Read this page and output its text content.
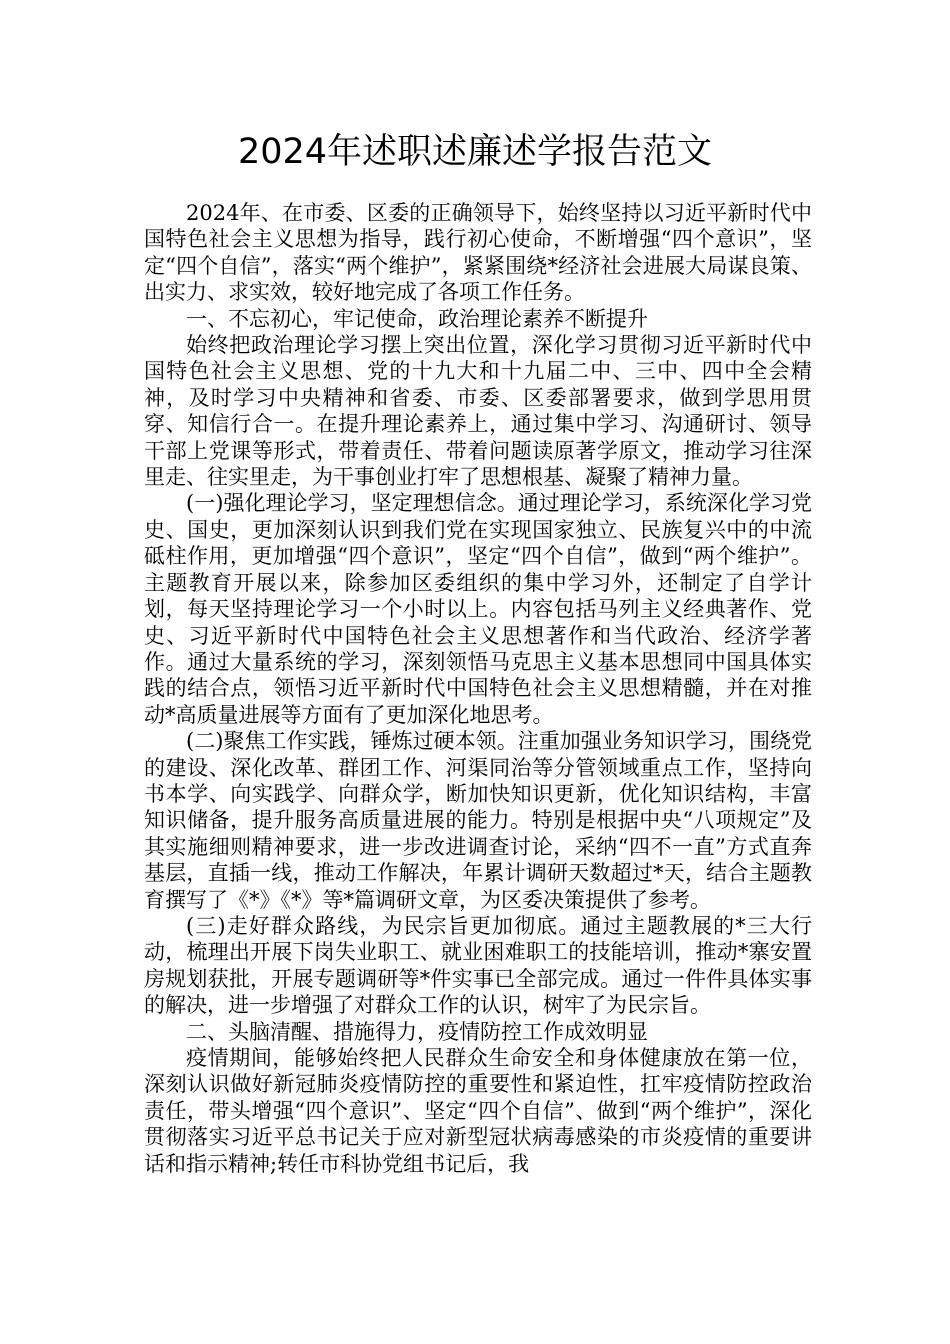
2024年述职述廉述学报告范文

2024年、在市委、区委的正确领导下，始终坚持以习近平新时代中国特色社会主义思想为指导，践行初心使命，不断增强“四个意识”，坚定“四个自信”，落实“两个维护”，紧紧围绕*经济社会进展大局谋良策、出实力、求实效，较好地完成了各项工作任务。

一、不忘初心，牢记使命，政治理论素养不断提升

始终把政治理论学习摆上突出位置，深化学习贯彻习近平新时代中国特色社会主义思想、党的十九大和十九届二中、三中、四中全会精神，及时学习中央精神和省委、市委、区委部署要求，做到学思用贯穿、知信行合一。在提升理论素养上，通过集中学习、沟通研讨、领导干部上党课等形式，带着责任、带着问题读原著学原文，推动学习往深里走、往实里走，为干事创业打牢了思想根基、凝聚了精神力量。

(一)强化理论学习，坚定理想信念。通过理论学习，系统深化学习党史、国史，更加深刻认识到我们党在实现国家独立、民族复兴中的中流砥柱作用，更加增强“四个意识”，坚定“四个自信”，做到“两个维护”。主题教育开展以来，除参加区委组织的集中学习外，还制定了自学计划，每天坚持理论学习一个小时以上。内容包括马列主义经典著作、党史、习近平新时代中国特色社会主义思想著作和当代政治、经济学著作。通过大量系统的学习，深刻领悟马克思主义基本思想同中国具体实践的结合点，领悟习近平新时代中国特色社会主义思想精髓，并在对推动*高质量进展等方面有了更加深化地思考。

(二)聚焦工作实践，锤炼过硬本领。注重加强业务知识学习，围绕党的建设、深化改革、群团工作、河渠同治等分管领域重点工作，坚持向书本学、向实践学、向群众学，断加快知识更新，优化知识结构，丰富知识储备，提升服务高质量进展的能力。特别是根据中央“八项规定”及其实施细则精神要求，进一步改进调查讨论，采纳“四不一直”方式直奔基层，直插一线，推动工作解决，年累计调研天数超过*天，结合主题教育撰写了《*》《*》等*篇调研文章，为区委决策提供了参考。

(三)走好群众路线，为民宗旨更加彻底。通过主题教展的*三大行动，梳理出开展下岗失业职工、就业困难职工的技能培训，推动*寨安置房规划获批，开展专题调研等*件实事已全部完成。通过一件件具体实事的解决，进一步增强了对群众工作的认识，树牢了为民宗旨。

二、头脑清醒、措施得力，疫情防控工作成效明显

疫情期间，能够始终把人民群众生命安全和身体健康放在第一位，深刻认识做好新冠肺炎疫情防控的重要性和紧迫性，扛牢疫情防控政治责任，带头增强“四个意识”、坚定“四个自信”、做到“两个维护”，深化贯彻落实习近平总书记关于应对新型冠状病毒感染的市炎疫情的重要讲话和指示精神;转任市科协党组书记后，我
